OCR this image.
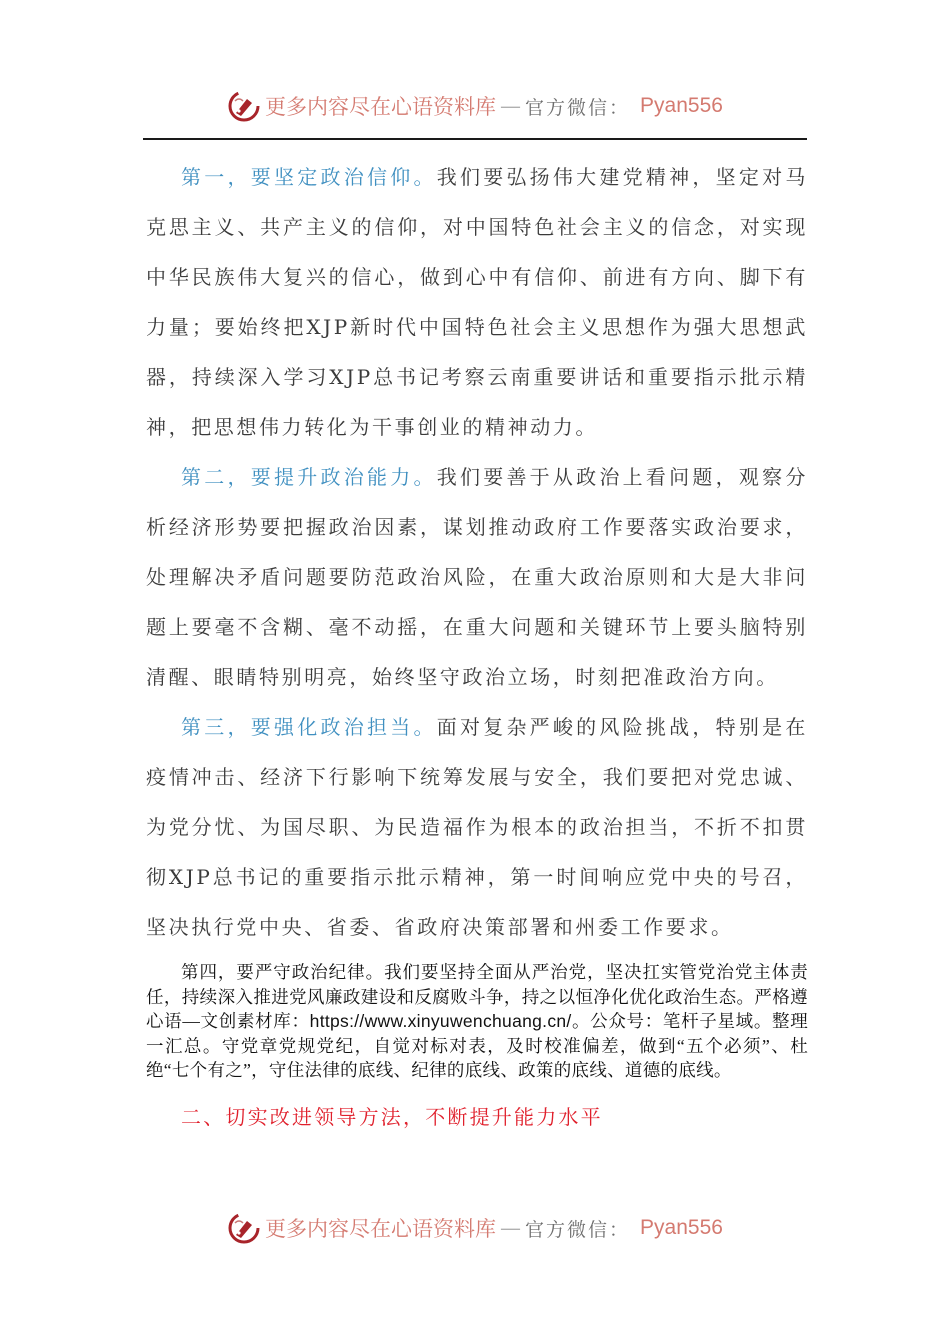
更多内容尽在心语资料库 — 官方微信： Pyan556

第一，要坚定政治信仰。我们要弘扬伟大建党精神，坚定对马克思主义、共产主义的信仰，对中国特色社会主义的信念，对实现中华民族伟大复兴的信心，做到心中有信仰、前进有方向、脚下有力量；要始终把XJP新时代中国特色社会主义思想作为强大思想武器，持续深入学习XJP总书记考察云南重要讲话和重要指示批示精神，把思想伟力转化为干事创业的精神动力。

第二，要提升政治能力。我们要善于从政治上看问题，观察分析经济形势要把握政治因素，谋划推动政府工作要落实政治要求，处理解决矛盾问题要防范政治风险，在重大政治原则和大是大非问题上要毫不含糊、毫不动摇，在重大问题和关键环节上要头脑特别清醒、眼睛特别明亮，始终坚守政治立场，时刻把准政治方向。

第三，要强化政治担当。面对复杂严峻的风险挑战，特别是在疫情冲击、经济下行影响下统筹发展与安全，我们要把对党忠诚、为党分忧、为国尽职、为民造福作为根本的政治担当，不折不扣贯彻XJP总书记的重要指示批示精神，第一时间响应党中央的号召，坚决执行党中央、省委、省政府决策部署和州委工作要求。

第四，要严守政治纪律。我们要坚持全面从严治党，坚决扛实管党治党主体责任，持续深入推进党风廉政建设和反腐败斗争，持之以恒净化优化政治生态。严格遵心语—文创素材库：https://www.xinyuwenchuang.cn/。公众号：笔杆子星域。整理一汇总。守党章党规党纪，自觉对标对表，及时校准偏差，做到“五个必须”、杜绝“七个有之”，守住法律的底线、纪律的底线、政策的底线、道德的底线。

二、切实改进领导方法，不断提升能力水平

更多内容尽在心语资料库 — 官方微信： Pyan556
